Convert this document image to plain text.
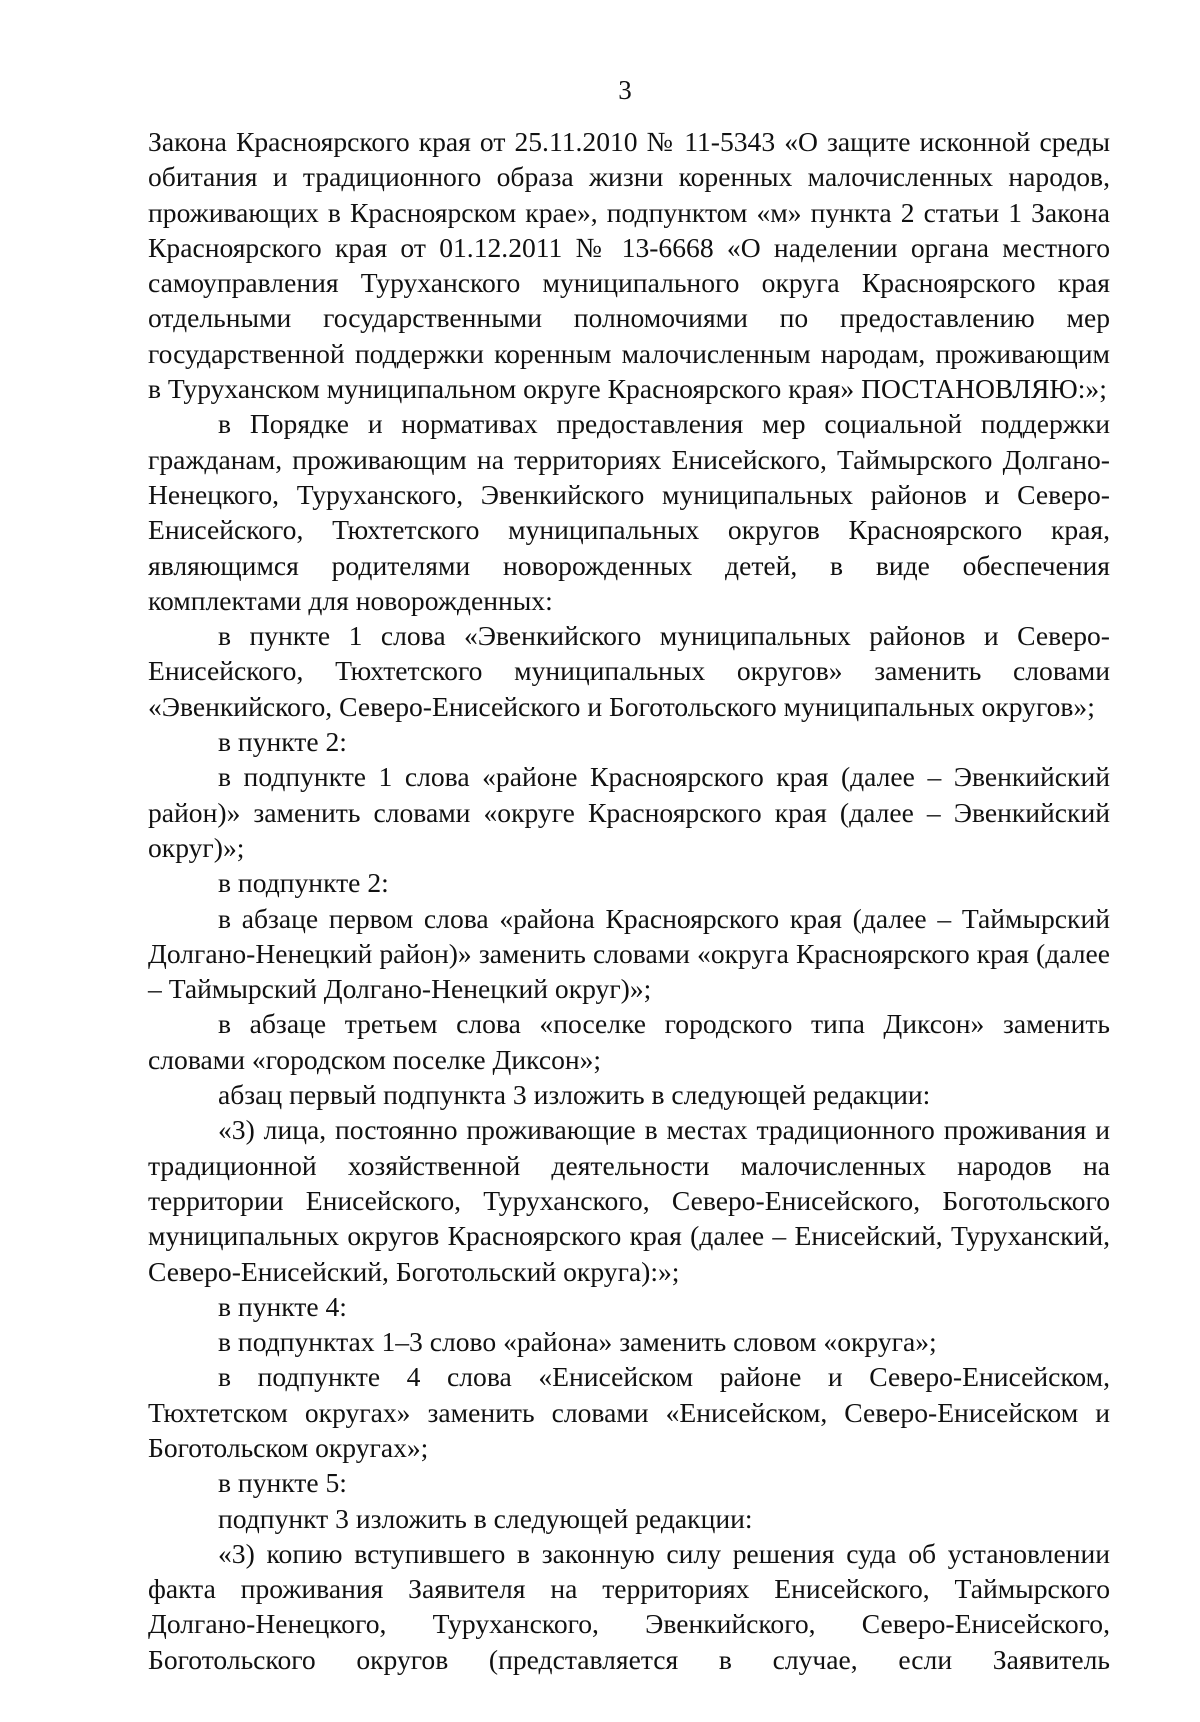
3

Закона Красноярского края от 25.11.2010 № 11-5343 «О защите исконной среды обитания и традиционного образа жизни коренных малочисленных народов, проживающих в Красноярском крае», подпунктом «м» пункта 2 статьи 1 Закона Красноярского края от 01.12.2011 № 13-6668 «О наделении органа местного самоуправления Туруханского муниципального округа Красноярского края отдельными государственными полномочиями по предоставлению мер государственной поддержки коренным малочисленным народам, проживающим в Туруханском муниципальном округе Красноярского края» ПОСТАНОВЛЯЮ:»;

в Порядке и нормативах предоставления мер социальной поддержки гражданам, проживающим на территориях Енисейского, Таймырского Долгано-Ненецкого, Туруханского, Эвенкийского муниципальных районов и Северо-Енисейского, Тюхтетского муниципальных округов Красноярского края, являющимся родителями новорожденных детей, в виде обеспечения комплектами для новорожденных:

в пункте 1 слова «Эвенкийского муниципальных районов и Северо-Енисейского, Тюхтетского муниципальных округов» заменить словами «Эвенкийского, Северо-Енисейского и Боготольского муниципальных округов»;

в пункте 2:

в подпункте 1 слова «районе Красноярского края (далее – Эвенкийский район)» заменить словами «округе Красноярского края (далее – Эвенкийский округ)»;

в подпункте 2:

в абзаце первом слова «района Красноярского края (далее – Таймырский Долгано-Ненецкий район)» заменить словами «округа Красноярского края (далее – Таймырский Долгано-Ненецкий округ)»;

в абзаце третьем слова «поселке городского типа Диксон» заменить словами «городском поселке Диксон»;

абзац первый подпункта 3 изложить в следующей редакции:

«3) лица, постоянно проживающие в местах традиционного проживания и традиционной хозяйственной деятельности малочисленных народов на территории Енисейского, Туруханского, Северо-Енисейского, Боготольского муниципальных округов Красноярского края (далее – Енисейский, Туруханский, Северо-Енисейский, Боготольский округа):»;

в пункте 4:

в подпунктах 1–3 слово «района» заменить словом «округа»;

в подпункте 4 слова «Енисейском районе и Северо-Енисейском, Тюхтетском округах» заменить словами «Енисейском, Северо-Енисейском и Боготольском округах»;

в пункте 5:

подпункт 3 изложить в следующей редакции:

«3) копию вступившего в законную силу решения суда об установлении факта проживания Заявителя на территориях Енисейского, Таймырского Долгано-Ненецкого, Туруханского, Эвенкийского, Северо-Енисейского, Боготольского округов (представляется в случае, если Заявитель
